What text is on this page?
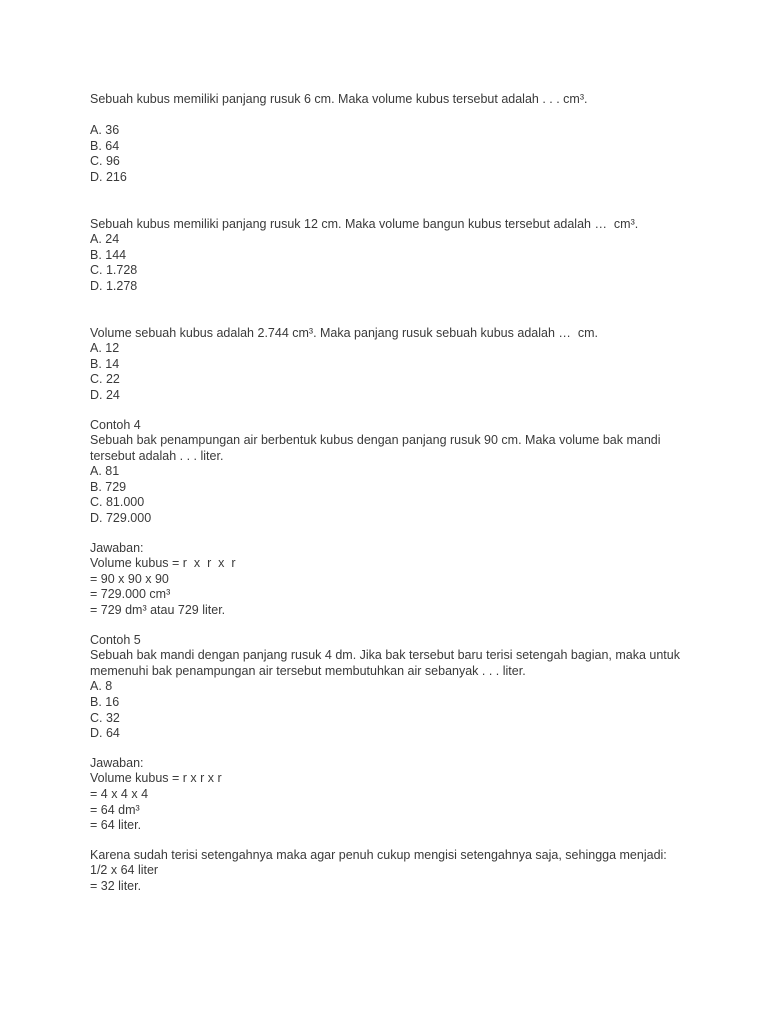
Sebuah kubus memiliki panjang rusuk 6 cm. Maka volume kubus tersebut adalah . . . cm³.
A. 36
B. 64
C. 96
D. 216
Sebuah kubus memiliki panjang rusuk 12 cm. Maka volume bangun kubus tersebut adalah …  cm³.
A. 24
B. 144
C. 1.728
D. 1.278
Volume sebuah kubus adalah 2.744 cm³. Maka panjang rusuk sebuah kubus adalah …  cm.
A. 12
B. 14
C. 22
D. 24
Contoh 4
Sebuah bak penampungan air berbentuk kubus dengan panjang rusuk 90 cm. Maka volume bak mandi tersebut adalah . . . liter.
A. 81
B. 729
C. 81.000
D. 729.000
Jawaban:
Volume kubus = r  x  r  x  r
= 90 x 90 x 90
= 729.000 cm³
= 729 dm³ atau 729 liter.
Contoh 5
Sebuah bak mandi dengan panjang rusuk 4 dm. Jika bak tersebut baru terisi setengah bagian, maka untuk memenuhi bak penampungan air tersebut membutuhkan air sebanyak . . . liter.
A. 8
B. 16
C. 32
D. 64
Jawaban:
Volume kubus = r x r x r
= 4 x 4 x 4
= 64 dm³
= 64 liter.
Karena sudah terisi setengahnya maka agar penuh cukup mengisi setengahnya saja, sehingga menjadi:
1/2 x 64 liter
= 32 liter.
